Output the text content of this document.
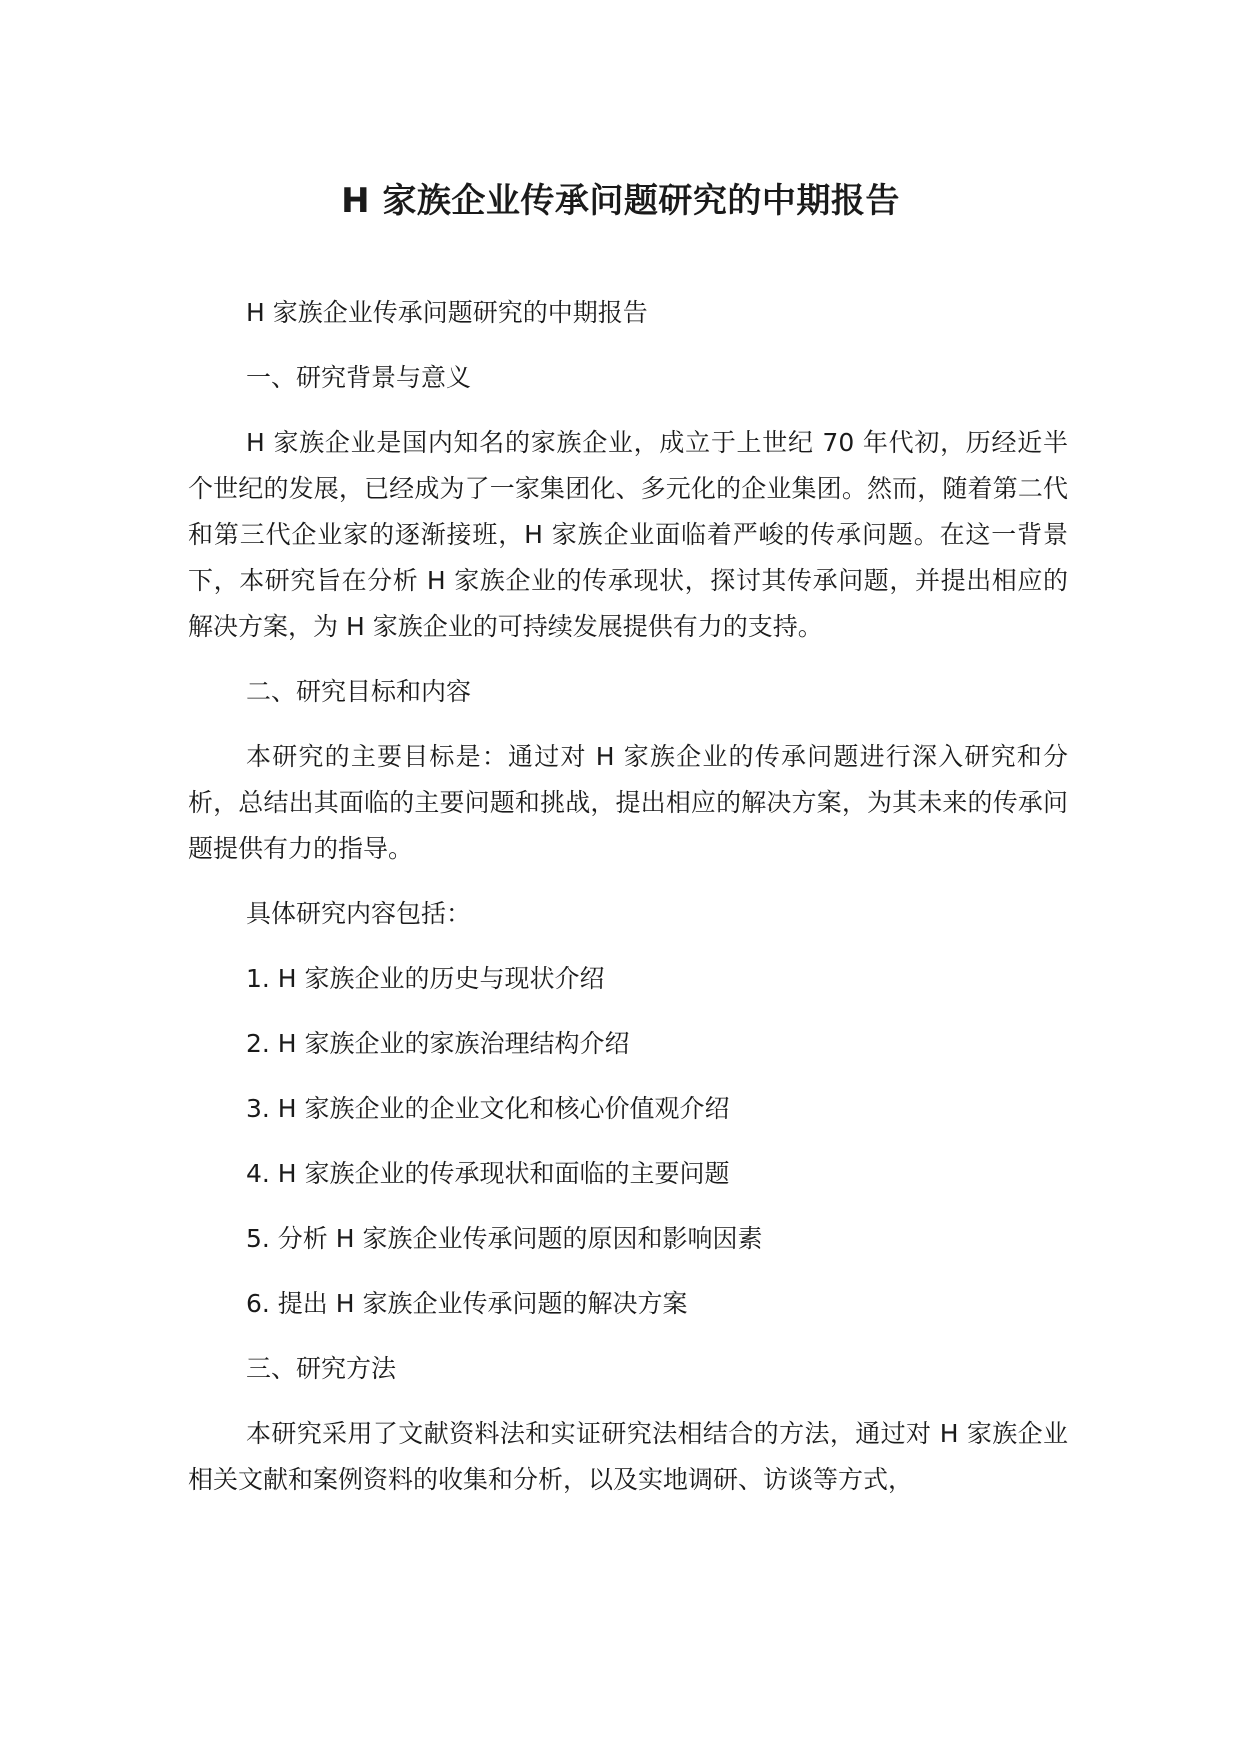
H 家族企业传承问题研究的中期报告

H 家族企业传承问题研究的中期报告

一、研究背景与意义

H 家族企业是国内知名的家族企业，成立于上世纪 70 年代初，历经近半个世纪的发展，已经成为了一家集团化、多元化的企业集团。然而，随着第二代和第三代企业家的逐渐接班，H 家族企业面临着严峻的传承问题。在这一背景下，本研究旨在分析 H 家族企业的传承现状，探讨其传承问题，并提出相应的解决方案，为 H 家族企业的可持续发展提供有力的支持。

二、研究目标和内容

本研究的主要目标是：通过对 H 家族企业的传承问题进行深入研究和分析，总结出其面临的主要问题和挑战，提出相应的解决方案，为其未来的传承问题提供有力的指导。

具体研究内容包括：

1. H 家族企业的历史与现状介绍

2. H 家族企业的家族治理结构介绍

3. H 家族企业的企业文化和核心价值观介绍

4. H 家族企业的传承现状和面临的主要问题

5. 分析 H 家族企业传承问题的原因和影响因素

6. 提出 H 家族企业传承问题的解决方案

三、研究方法

本研究采用了文献资料法和实证研究法相结合的方法，通过对 H 家族企业相关文献和案例资料的收集和分析，以及实地调研、访谈等方式，
